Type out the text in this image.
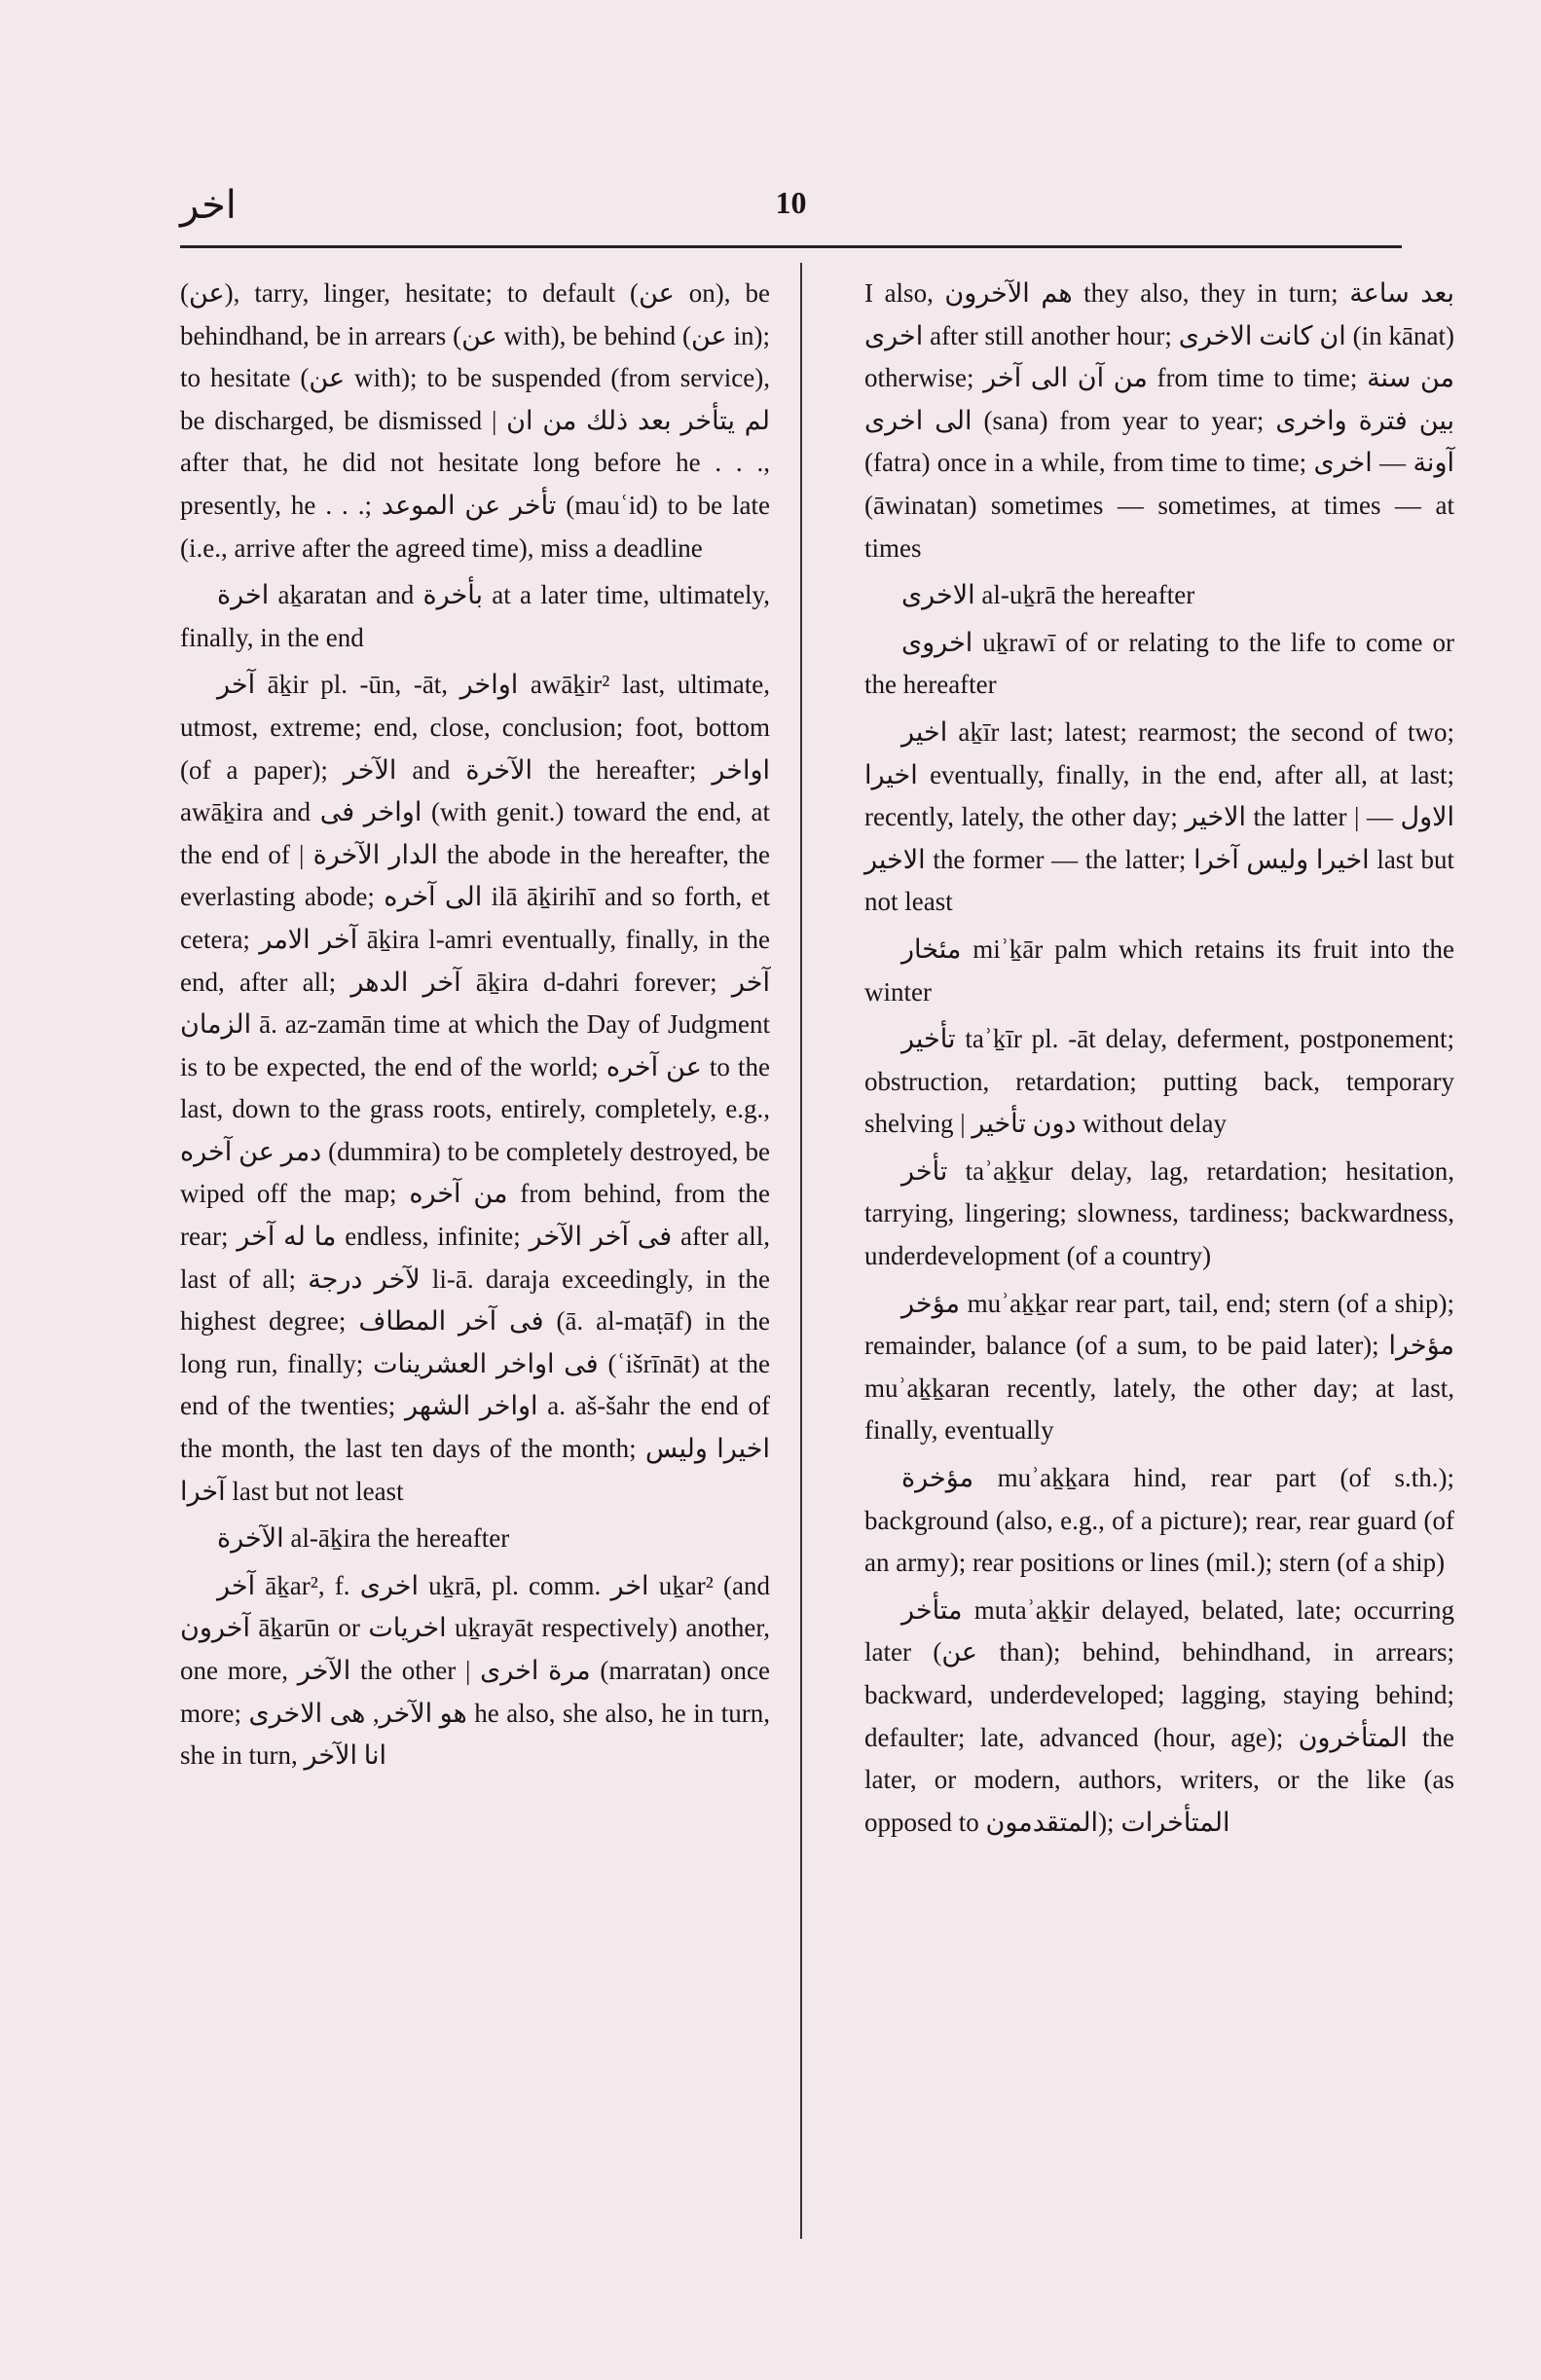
اخر	10

(عن), tarry, linger, hesitate; to default (عن on), be behindhand, be in arrears (عن with), be behind (عن in); to hesitate (عن with); to be suspended (from service), be discharged, be dismissed | لم يتأخر بعد ذلك من ان after that, he did not hesitate long before he . . ., presently, he . . .; تأخر عن الموعد (mauʿid) to be late (i.e., arrive after the agreed time), miss a deadline

اخرة aḵaratan and بأخرة at a later time, ultimately, finally, in the end

آخر āḵir pl. -ūn, -āt, اواخر awāḵir² last, ultimate, utmost, extreme; end, close, conclusion; foot, bottom (of a paper); الآخر and الآخرة the hereafter; اواخر awāḵira and اواخر فى (with genit.) toward the end, at the end of | الدار الآخرة the abode in the hereafter, the everlasting abode; الى آخره ilā āḵirihī and so forth, et cetera; آخر الامر āḵira l-amri eventually, finally, in the end, after all; آخر الدهر āḵira d-dahri forever; آخر الزمان ā. az-zamān time at which the Day of Judgment is to be expected, the end of the world; عن آخره to the last, down to the grass roots, entirely, completely, e.g., دمر عن آخره (dummira) to be completely destroyed, be wiped off the map; من آخره from behind, from the rear; ما له آخر endless, infinite; فى آخر الآخر after all, last of all; لآخر درجة li-ā. daraja exceedingly, in the highest degree; فى آخر المطاف (ā. al-maṭāf) in the long run, finally; فى اواخر العشرينات (ʿišrīnāt) at the end of the twenties; اواخر الشهر a. aš-šahr the end of the month, the last ten days of the month; اخيرا وليس آخرا last but not least

الآخرة al-āḵira the hereafter

آخر āḵar², f. اخرى uḵrā, pl. comm. اخر uḵar² (and آخرون āḵarūn or اخريات uḵrayāt respectively) another, one more, الآخر the other | مرة اخرى (marratan) once more; هو الآخر, هى الاخرى he also, she also, he in turn, she in turn, انا الآخر

I also, هم الآخرون they also, they in turn; بعد ساعة اخرى after still another hour; ان كانت الاخرى (in kānat) otherwise; من آن الى آخر from time to time; من سنة الى اخرى (sana) from year to year; بين فترة واخرى (fatra) once in a while, from time to time; آونة — اخرى (āwinatan) sometimes — sometimes, at times — at times

الاخرى al-uḵrā the hereafter

اخروى uḵrawī of or relating to the life to come or the hereafter

اخير aḵīr last; latest; rearmost; the second of two; اخيرا eventually, finally, in the end, after all, at last; recently, lately, the other day; الاخير the latter | الاول — الاخير the former — the latter; اخيرا وليس آخرا last but not least

مئخار miʾḵār palm which retains its fruit into the winter

تأخير taʾḵīr pl. -āt delay, deferment, postponement; obstruction, retardation; putting back, temporary shelving | دون تأخير without delay

تأخر taʾaḵḵur delay, lag, retardation; hesitation, tarrying, lingering; slowness, tardiness; backwardness, underdevelopment (of a country)

مؤخر muʾaḵḵar rear part, tail, end; stern (of a ship); remainder, balance (of a sum, to be paid later); مؤخرا muʾaḵḵaran recently, lately, the other day; at last, finally, eventually

مؤخرة muʾaḵḵara hind, rear part (of s.th.); background (also, e.g., of a picture); rear, rear guard (of an army); rear positions or lines (mil.); stern (of a ship)

متأخر mutaʾaḵḵir delayed, belated, late; occurring later (عن than); behind, behindhand, in arrears; backward, underdeveloped; lagging, staying behind; defaulter; late, advanced (hour, age); المتأخرون the later, or modern, authors, writers, or the like (as opposed to المتقدمون); المتأخرات
